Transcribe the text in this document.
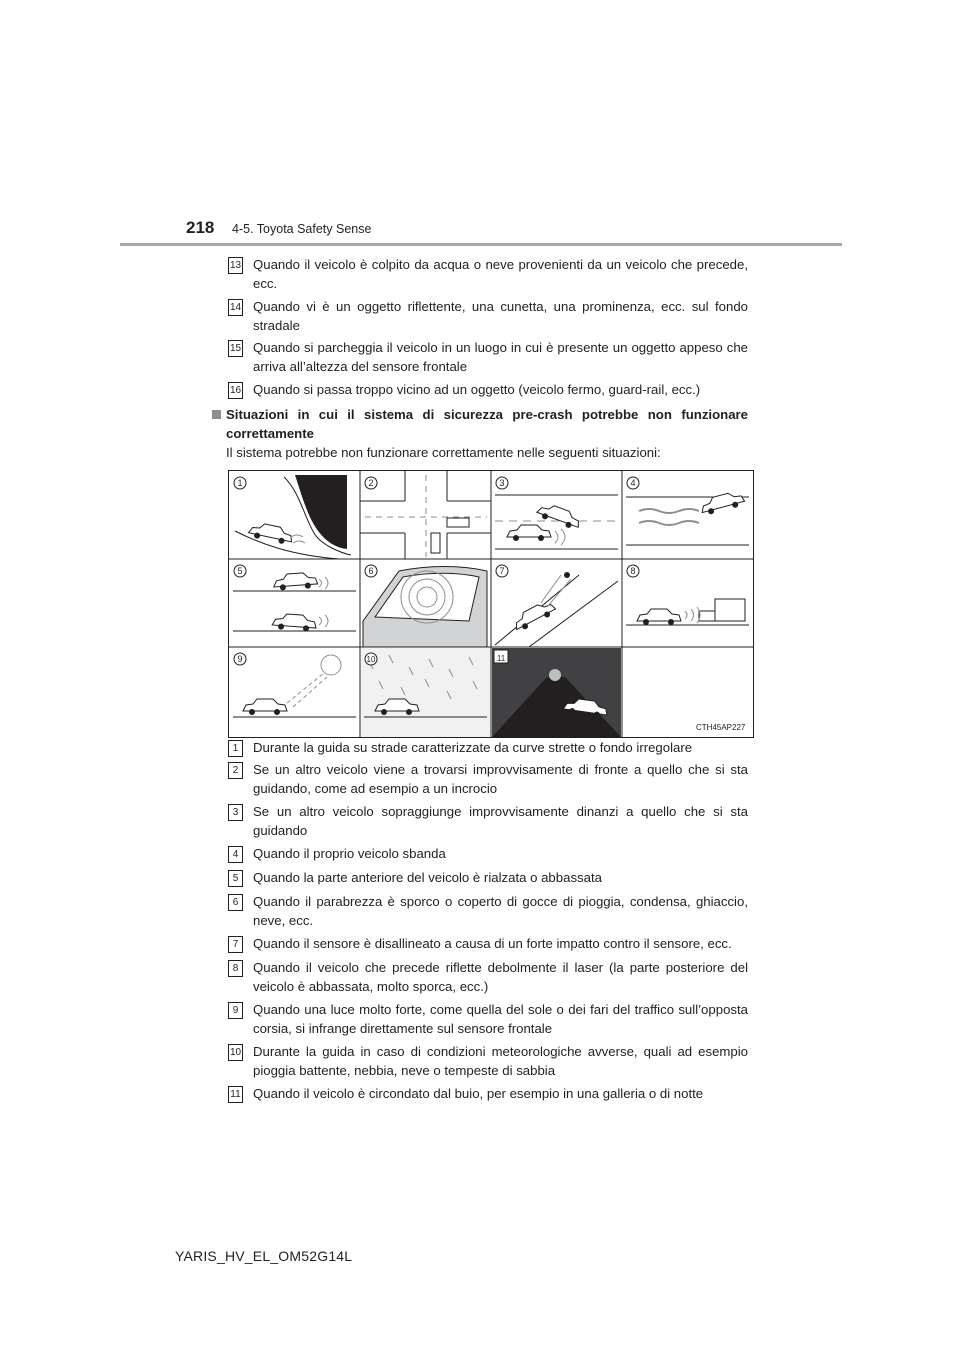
218 4-5. Toyota Safety Sense
13 Quando il veicolo è colpito da acqua o neve provenienti da un veicolo che precede, ecc.
14 Quando vi è un oggetto riflettente, una cunetta, una prominenza, ecc. sul fondo stradale
15 Quando si parcheggia il veicolo in un luogo in cui è presente un oggetto appeso che arriva all’altezza del sensore frontale
16 Quando si passa troppo vicino ad un oggetto (veicolo fermo, guard-rail, ecc.)
Situazioni in cui il sistema di sicurezza pre-crash potrebbe non funzionare correttamente
Il sistema potrebbe non funzionare correttamente nelle seguenti situazioni:
1	2	3	4
5	6	7	8
9	10	11
CTH45AP227
1	Durante la guida su strade caratterizzate da curve strette o fondo irregolare
2	Se un altro veicolo viene a trovarsi improvvisamente di fronte a quello che si sta guidando, come ad esempio a un incrocio
3	Se un altro veicolo sopraggiunge improvvisamente dinanzi a quello che si sta guidando
4	Quando il proprio veicolo sbanda
5	Quando la parte anteriore del veicolo è rialzata o abbassata
6	Quando il parabrezza è sporco o coperto di gocce di pioggia, condensa, ghiaccio, neve, ecc.
7	Quando il sensore è disallineato a causa di un forte impatto contro il sensore, ecc.
8	Quando il veicolo che precede riflette debolmente il laser (la parte posteriore del veicolo è abbassata, molto sporca, ecc.)
9	Quando una luce molto forte, come quella del sole o dei fari del traffico sull’opposta corsia, si infrange direttamente sul sensore frontale
10 Durante la guida in caso di condizioni meteorologiche avverse, quali ad esempio pioggia battente, nebbia, neve o tempeste di sabbia
11 Quando il veicolo è circondato dal buio, per esempio in una galleria o di notte
YARIS_HV_EL_OM52G14L
